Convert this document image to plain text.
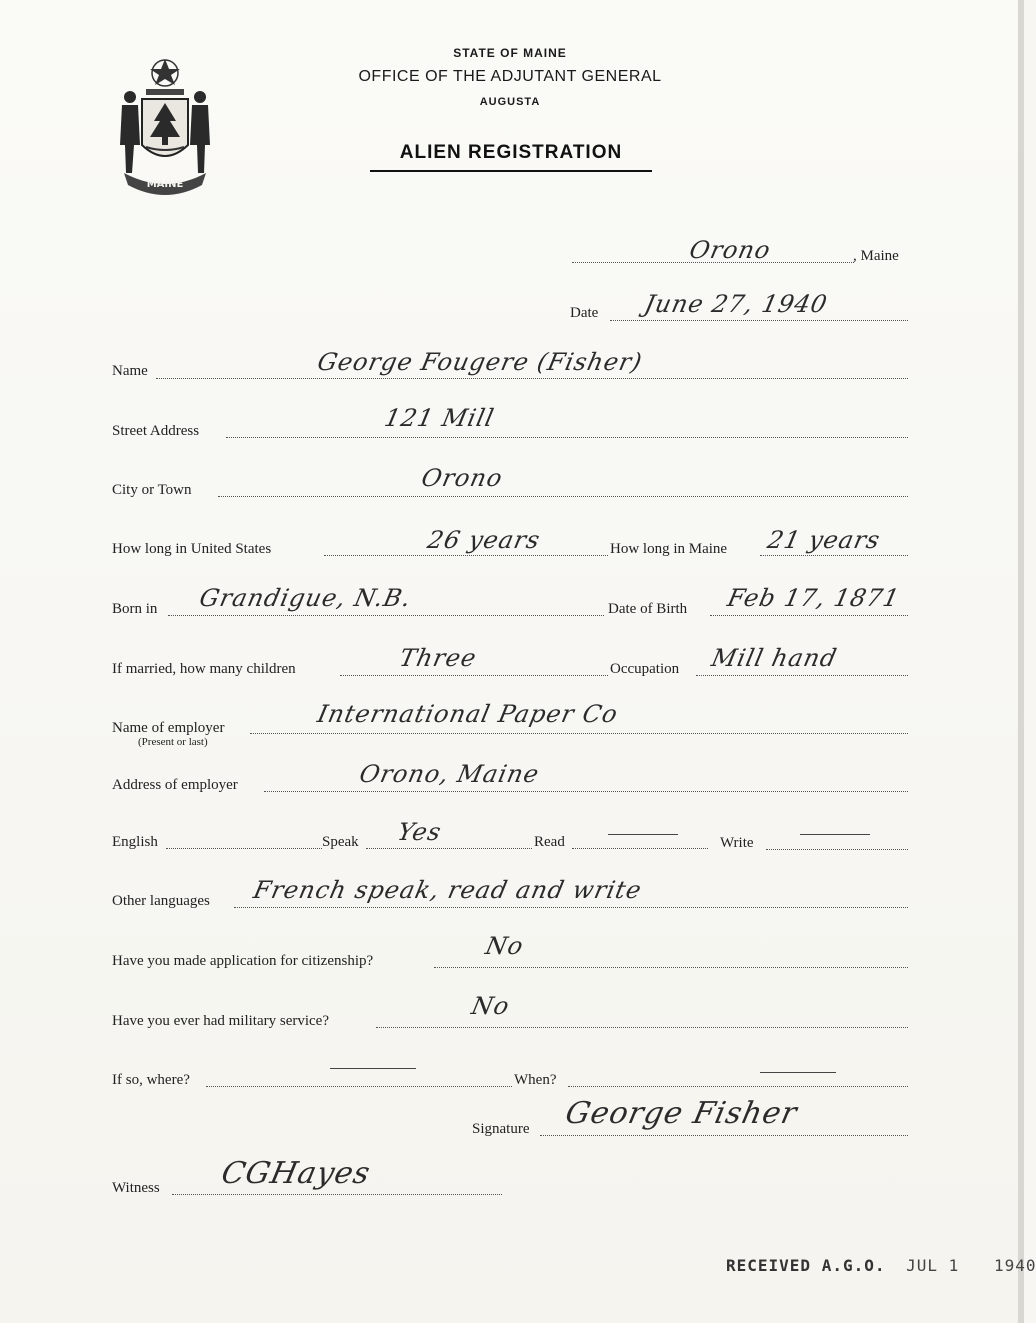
MAINE
STATE OF MAINE
OFFICE OF THE ADJUTANT GENERAL
AUGUSTA
ALIEN REGISTRATION
Orono	, Maine
Date June 27, 1940
Name	George Fougere (Fisher)
Street Address	121 Mill
City or Town	Orono
How long in United States	26 years	How long in Maine 21 years
Born in Grandigue, N.B.	Date of Birth Feb 17, 1871
If married, how many children	Three	Occupation Mill hand
Name of employer
(Present or last)
International Paper Co
Address of employer	Orono, Maine
English	Speak Yes	Read	Write
Other languages French speak, read and write
Have you made application for citizenship?
No
Have you ever had military service?
No
If so, where?	When?
Signature George Fisher
Witness CGHayes
RECEIVED A.G.O. JUL 1 1940
